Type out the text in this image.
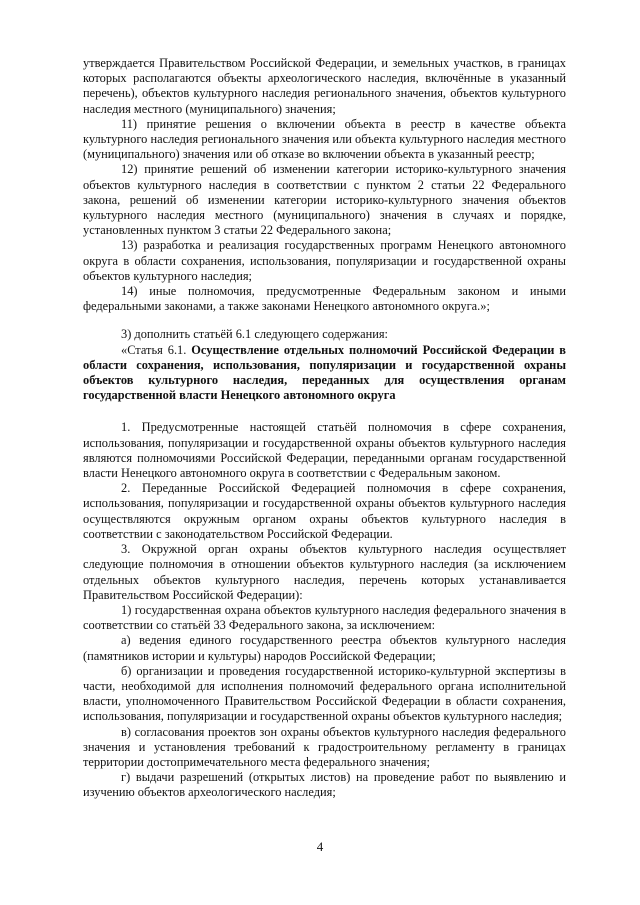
утверждается Правительством Российской Федерации, и земельных участков, в границах которых располагаются объекты археологического наследия, включённые в указанный перечень), объектов культурного наследия регионального значения, объектов культурного наследия местного (муниципального) значения;

11) принятие решения о включении объекта в реестр в качестве объекта культурного наследия регионального значения или объекта культурного наследия местного (муниципального) значения или об отказе во включении объекта в указанный реестр;

12) принятие решений об изменении категории историко-культурного значения объектов культурного наследия в соответствии с пунктом 2 статьи 22 Федерального закона, решений об изменении категории историко-культурного значения объектов культурного наследия местного (муниципального) значения в случаях и порядке, установленных пунктом 3 статьи 22 Федерального закона;

13) разработка и реализация государственных программ Ненецкого автономного округа в области сохранения, использования, популяризации и государственной охраны объектов культурного наследия;

14) иные полномочия, предусмотренные Федеральным законом и иными федеральными законами, а также законами Ненецкого автономного округа.»;

3) дополнить статьёй 6.1 следующего содержания:

«Статья 6.1. Осуществление отдельных полномочий Российской Федерации в области сохранения, использования, популяризации и государственной охраны объектов культурного наследия, переданных для осуществления органам государственной власти Ненецкого автономного округа

1. Предусмотренные настоящей статьёй полномочия в сфере сохранения, использования, популяризации и государственной охраны объектов культурного наследия являются полномочиями Российской Федерации, переданными органам государственной власти Ненецкого автономного округа в соответствии с Федеральным законом.

2. Переданные Российской Федерацией полномочия в сфере сохранения, использования, популяризации и государственной охраны объектов культурного наследия осуществляются окружным органом охраны объектов культурного наследия в соответствии с законодательством Российской Федерации.

3. Окружной орган охраны объектов культурного наследия осуществляет следующие полномочия в отношении объектов культурного наследия (за исключением отдельных объектов культурного наследия, перечень которых устанавливается Правительством Российской Федерации):

1) государственная охрана объектов культурного наследия федерального значения в соответствии со статьёй 33 Федерального закона, за исключением:

а) ведения единого государственного реестра объектов культурного наследия (памятников истории и культуры) народов Российской Федерации;

б) организации и проведения государственной историко-культурной экспертизы в части, необходимой для исполнения полномочий федерального органа исполнительной власти, уполномоченного Правительством Российской Федерации в области сохранения, использования, популяризации и государственной охраны объектов культурного наследия;

в) согласования проектов зон охраны объектов культурного наследия федерального значения и установления требований к градостроительному регламенту в границах территории достопримечательного места федерального значения;

г) выдачи разрешений (открытых листов) на проведение работ по выявлению и изучению объектов археологического наследия;

4
